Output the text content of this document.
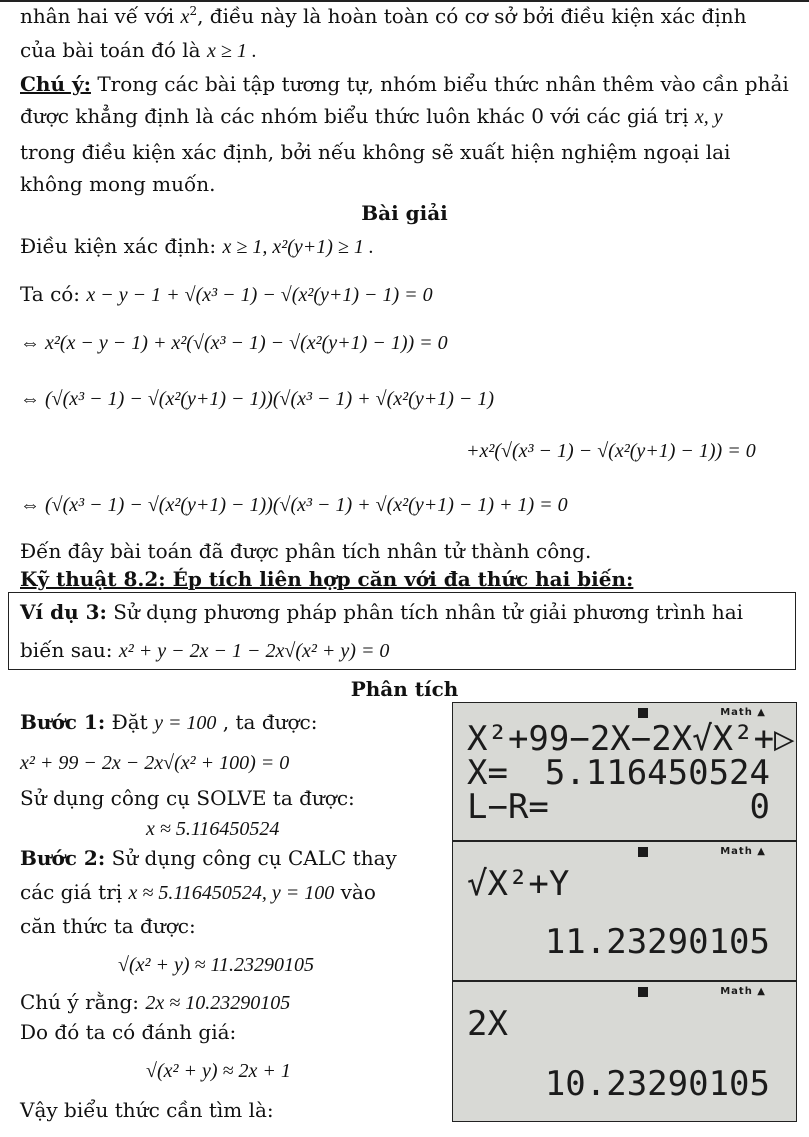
nhân hai vế với $x^2$, điều này là hoàn toàn có cơ sở bởi điều kiện xác định
của bài toán đó là x ≥ 1 .
Chú ý: Trong các bài tập tương tự, nhóm biểu thức nhân thêm vào cần phải
được khẳng định là các nhóm biểu thức luôn khác 0 với các giá trị x, y
trong điều kiện xác định, bởi nếu không sẽ xuất hiện nghiệm ngoại lai
không mong muốn.
Bài giải
Điều kiện xác định: x ≥ 1, x²(y+1) ≥ 1 .
Ta có: x − y − 1 + √(x³ − 1) − √(x²(y+1) − 1) = 0
⇔ x²(x − y − 1) + x²(√(x³ − 1) − √(x²(y+1) − 1)) = 0
⇔ (√(x³ − 1) − √(x²(y+1) − 1))(√(x³ − 1) + √(x²(y+1) − 1)
+x²(√(x³ − 1) − √(x²(y+1) − 1)) = 0
⇔ (√(x³ − 1) − √(x²(y+1) − 1))(√(x³ − 1) + √(x²(y+1) − 1) + 1) = 0
Đến đây bài toán đã được phân tích nhân tử thành công.
Kỹ thuật 8.2: Ép tích liên hợp căn với đa thức hai biến:
Ví dụ 3: Sử dụng phương pháp phân tích nhân tử giải phương trình hai
biến sau: x² + y − 2x − 1 − 2x√(x² + y) = 0
Phân tích
Bước 1: Đặt y = 100 , ta được:
x² + 99 − 2x − 2x√(x² + 100) = 0
Sử dụng công cụ SOLVE ta được:
x ≈ 5.116450524
Bước 2: Sử dụng công cụ CALC thay
các giá trị x ≈ 5.116450524, y = 100 vào
căn thức ta được:
√(x² + y) ≈ 11.23290105
Chú ý rằng: 2x ≈ 10.23290105
Do đó ta có đánh giá:
√(x² + y) ≈ 2x + 1
Vậy biểu thức cần tìm là:
Math ▲
X²+99−2X−2X√X²+▷
X= 5.116450524
L−R=	0
Math ▲
√X²+Y
11.23290105
Math ▲
2X
10.23290105
